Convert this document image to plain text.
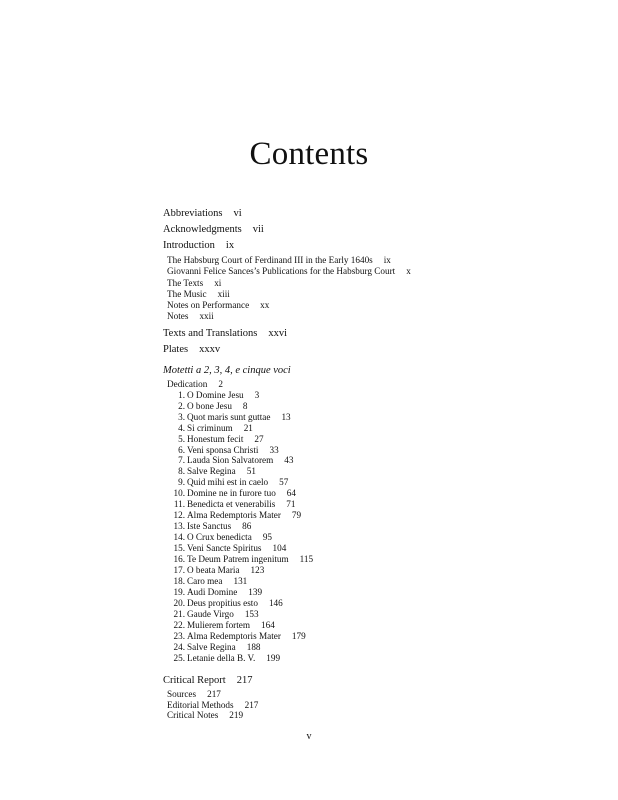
Contents
Abbreviations vi
Acknowledgments vii
Introduction ix
The Habsburg Court of Ferdinand III in the Early 1640s ix
Giovanni Felice Sances’s Publications for the Habsburg Court x
The Texts xi
The Music xiii
Notes on Performance xx
Notes xxii
Texts and Translations xxvi
Plates xxxv
Motetti a 2, 3, 4, e cinque voci
Dedication 2
1. O Domine Jesu 3
2. O bone Jesu 8
3. Quot maris sunt guttae 13
4. Si criminum 21
5. Honestum fecit 27
6. Veni sponsa Christi 33
7. Lauda Sion Salvatorem 43
8. Salve Regina 51
9. Quid mihi est in caelo 57
10. Domine ne in furore tuo 64
11. Benedicta et venerabilis 71
12. Alma Redemptoris Mater 79
13. Iste Sanctus 86
14. O Crux benedicta 95
15. Veni Sancte Spiritus 104
16. Te Deum Patrem ingenitum 115
17. O beata Maria 123
18. Caro mea 131
19. Audi Domine 139
20. Deus propitius esto 146
21. Gaude Virgo 153
22. Mulierem fortem 164
23. Alma Redemptoris Mater 179
24. Salve Regina 188
25. Letanie della B. V. 199
Critical Report 217
Sources 217
Editorial Methods 217
Critical Notes 219
v
